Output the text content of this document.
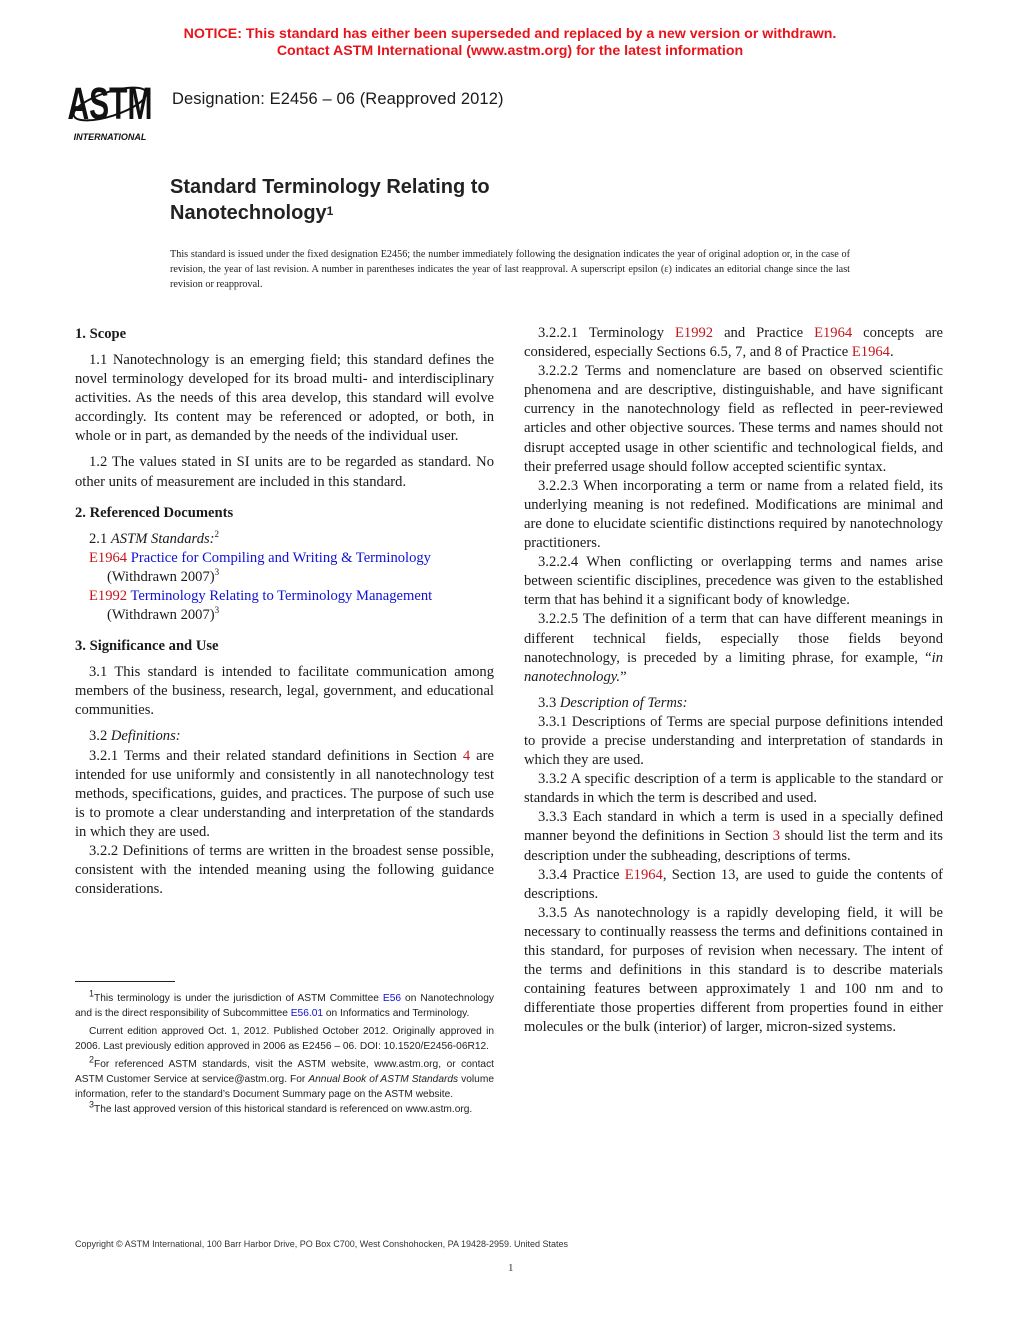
NOTICE: This standard has either been superseded and replaced by a new version or withdrawn.
Contact ASTM International (www.astm.org) for the latest information
ASTM
INTERNATIONAL
Designation: E2456 – 06 (Reapproved 2012)
Standard Terminology Relating to
Nanotechnology$^1$
This standard is issued under the fixed designation E2456; the number immediately following the designation indicates the year of original adoption or, in the case of revision, the year of last revision. A number in parentheses indicates the year of last reapproval. A superscript epsilon (ε) indicates an editorial change since the last revision or reapproval.
1. Scope

1.1 Nanotechnology is an emerging field; this standard defines the novel terminology developed for its broad multi- and interdisciplinary activities. As the needs of this area develop, this standard will evolve accordingly. Its content may be referenced or adopted, or both, in whole or in part, as demanded by the needs of the individual user.

1.2 The values stated in SI units are to be regarded as standard. No other units of measurement are included in this standard.

2. Referenced Documents

2.1 ASTM Standards:$^2$

E1964 Practice for Compiling and Writing & Terminology
(Withdrawn 2007)$^3$
E1992 Terminology Relating to Terminology Management
(Withdrawn 2007)$^3$
3. Significance and Use

3.1 This standard is intended to facilitate communication among members of the business, research, legal, government, and educational communities.

3.2 Definitions:

3.2.1 Terms and their related standard definitions in Section 4 are intended for use uniformly and consistently in all nanotechnology test methods, specifications, guides, and practices. The purpose of such use is to promote a clear understanding and interpretation of the standards in which they are used.

3.2.2 Definitions of terms are written in the broadest sense possible, consistent with the intended meaning using the following guidance considerations.

$^1$This terminology is under the jurisdiction of ASTM Committee E56 on Nanotechnology and is the direct responsibility of Subcommittee E56.01 on Informatics and Terminology.

Current edition approved Oct. 1, 2012. Published October 2012. Originally approved in 2006. Last previously edition approved in 2006 as E2456 – 06. DOI: 10.1520/E2456-06R12.

$^2$For referenced ASTM standards, visit the ASTM website, www.astm.org, or contact ASTM Customer Service at service@astm.org. For Annual Book of ASTM Standards volume information, refer to the standard’s Document Summary page on the ASTM website.

$^3$The last approved version of this historical standard is referenced on www.astm.org.

3.2.2.1 Terminology E1992 and Practice E1964 concepts are considered, especially Sections 6.5, 7, and 8 of Practice E1964.

3.2.2.2 Terms and nomenclature are based on observed scientific phenomena and are descriptive, distinguishable, and have significant currency in the nanotechnology field as reflected in peer-reviewed articles and other objective sources. These terms and names should not disrupt accepted usage in other scientific and technological fields, and their preferred usage should follow accepted scientific syntax.

3.2.2.3 When incorporating a term or name from a related field, its underlying meaning is not redefined. Modifications are minimal and are done to elucidate scientific distinctions required by nanotechnology practitioners.

3.2.2.4 When conflicting or overlapping terms and names arise between scientific disciplines, precedence was given to the established term that has behind it a significant body of knowledge.

3.2.2.5 The definition of a term that can have different meanings in different technical fields, especially those fields beyond nanotechnology, is preceded by a limiting phrase, for example, “in nanotechnology.”

3.3 Description of Terms:

3.3.1 Descriptions of Terms are special purpose definitions intended to provide a precise understanding and interpretation of standards in which they are used.

3.3.2 A specific description of a term is applicable to the standard or standards in which the term is described and used.

3.3.3 Each standard in which a term is used in a specially defined manner beyond the definitions in Section 3 should list the term and its description under the subheading, descriptions of terms.

3.3.4 Practice E1964, Section 13, are used to guide the contents of descriptions.

3.3.5 As nanotechnology is a rapidly developing field, it will be necessary to continually reassess the terms and definitions contained in this standard, for purposes of revision when necessary. The intent of the terms and definitions in this standard is to describe materials containing features between approximately 1 and 100 nm and to differentiate those properties different from properties found in either molecules or the bulk (interior) of larger, micron-sized systems.

Copyright © ASTM International, 100 Barr Harbor Drive, PO Box C700, West Conshohocken, PA 19428-2959. United States
1
